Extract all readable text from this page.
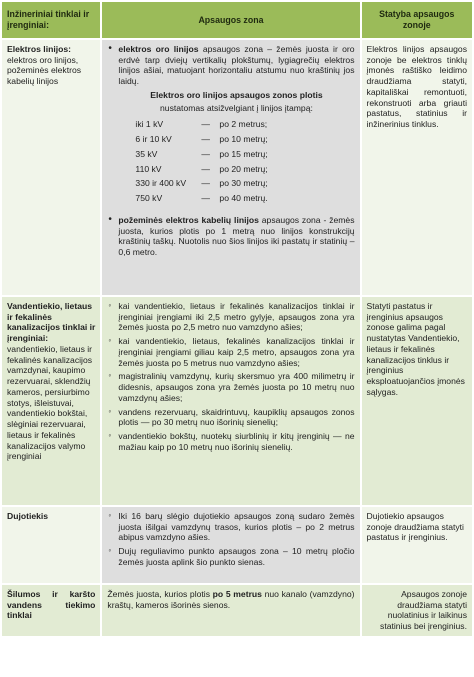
Inžineriniai tinklai ir įrenginiai:	Apsaugos zona	Statyba apsaugos zonoje
Elektros linijos: elektros oro linijos, požeminės elektros kabelių linijos	
• elektros oro linijos apsaugos zona – žemės juosta ir oro erdvė tarp dviejų vertikalių plokštumų, lygiagrečių elektros linijos ašiai, matuojant horizontaliu atstumu nuo kraštinių jos laidų.
Elektros oro linijos apsaugos zonos plotis
nustatomas atsižvelgiant į linijos įtampą:
iki 1 kV	—	po 2 metrus;
6 ir 10 kV	—	po 10 metrų;
35 kV	—	po 15 metrų;
110 kV	—	po 20 metrų;
330 ir 400 kV	—	po 30 metrų;
750 kV	—	po 40 metrų.
• požeminės elektros kabelių linijos apsaugos zona - žemės juosta, kurios plotis po 1 metrą nuo linijos konstrukcijų kraštinių taškų. Nuotolis nuo šios linijos iki pastatų ir statinių – 0,6 metro.
	Elektros linijos apsaugos zonoje be elektros tinklų įmonės raštiško leidimo draudžiama statyti, kapitališkai remontuoti, rekonstruoti arba griauti pastatus, statinius ir inžinerinius tinklus.
Vandentiekio, lietaus ir fekalinės kanalizacijos tinklai ir įrenginiai: vandentiekio, lietaus ir fekalinės kanalizacijos vamzdynai, kaupimo rezervuarai, sklendžių kameros, persiurbimo stotys, išleistuvai, vandentiekio bokštai, slėginiai rezervuarai, lietaus ir fekalinės kanalizacijos valymo įrenginiai	
◦ kai vandentiekio, lietaus ir fekalinės kanalizacijos tinklai ir įrenginiai įrengiami iki 2,5 metro gylyje, apsaugos zona yra žemės juosta po 2,5 metro nuo vamzdyno ašies;
◦ kai vandentiekio, lietaus, fekalinės kanalizacijos tinklai ir įrenginiai įrengiami giliau kaip 2,5 metro, apsaugos zona yra žemės juosta po 5 metrus nuo vamzdyno ašies;
◦ magistralinių vamzdynų, kurių skersmuo yra 400 milimetrų ir didesnis, apsaugos zona yra žemės juosta po 10 metrų nuo vamzdynų ašies;
◦ vandens rezervuarų, skaidrintuvų, kaupiklių apsaugos zonos plotis — po 30 metrų nuo išorinių sienelių;
◦ vandentiekio bokštų, nuotekų siurblinių ir kitų įrenginių — ne mažiau kaip po 10 metrų nuo išorinių sienelių.
	Statyti pastatus ir įrenginius apsaugos zonose galima pagal nustatytas Vandentiekio, lietaus ir fekalinės kanalizacijos tinklus ir įrenginius eksploatuojančios įmonės sąlygas.
Dujotiekis	
◦Iki 16 barų slėgio dujotiekio apsaugos zoną sudaro žemės juosta išilgai vamzdynų trasos, kurios plotis – po 2 metrus abipus vamzdyno ašies.
◦ Dujų reguliavimo punkto apsaugos zona – 10 metrų pločio žemės juosta aplink šio punkto sienas.
	Dujotiekio apsaugos zonoje draudžiama statyti pastatus ir įrenginius.
Šilumos ir karšto vandens tiekimo tinklai	Žemės juosta, kurios plotis po 5 metrus nuo kanalo (vamzdyno) kraštų, kameros išorinės sienos.	Apsaugos zonoje draudžiama statyti nuolatinius ir laikinus statinius bei įrenginius.
